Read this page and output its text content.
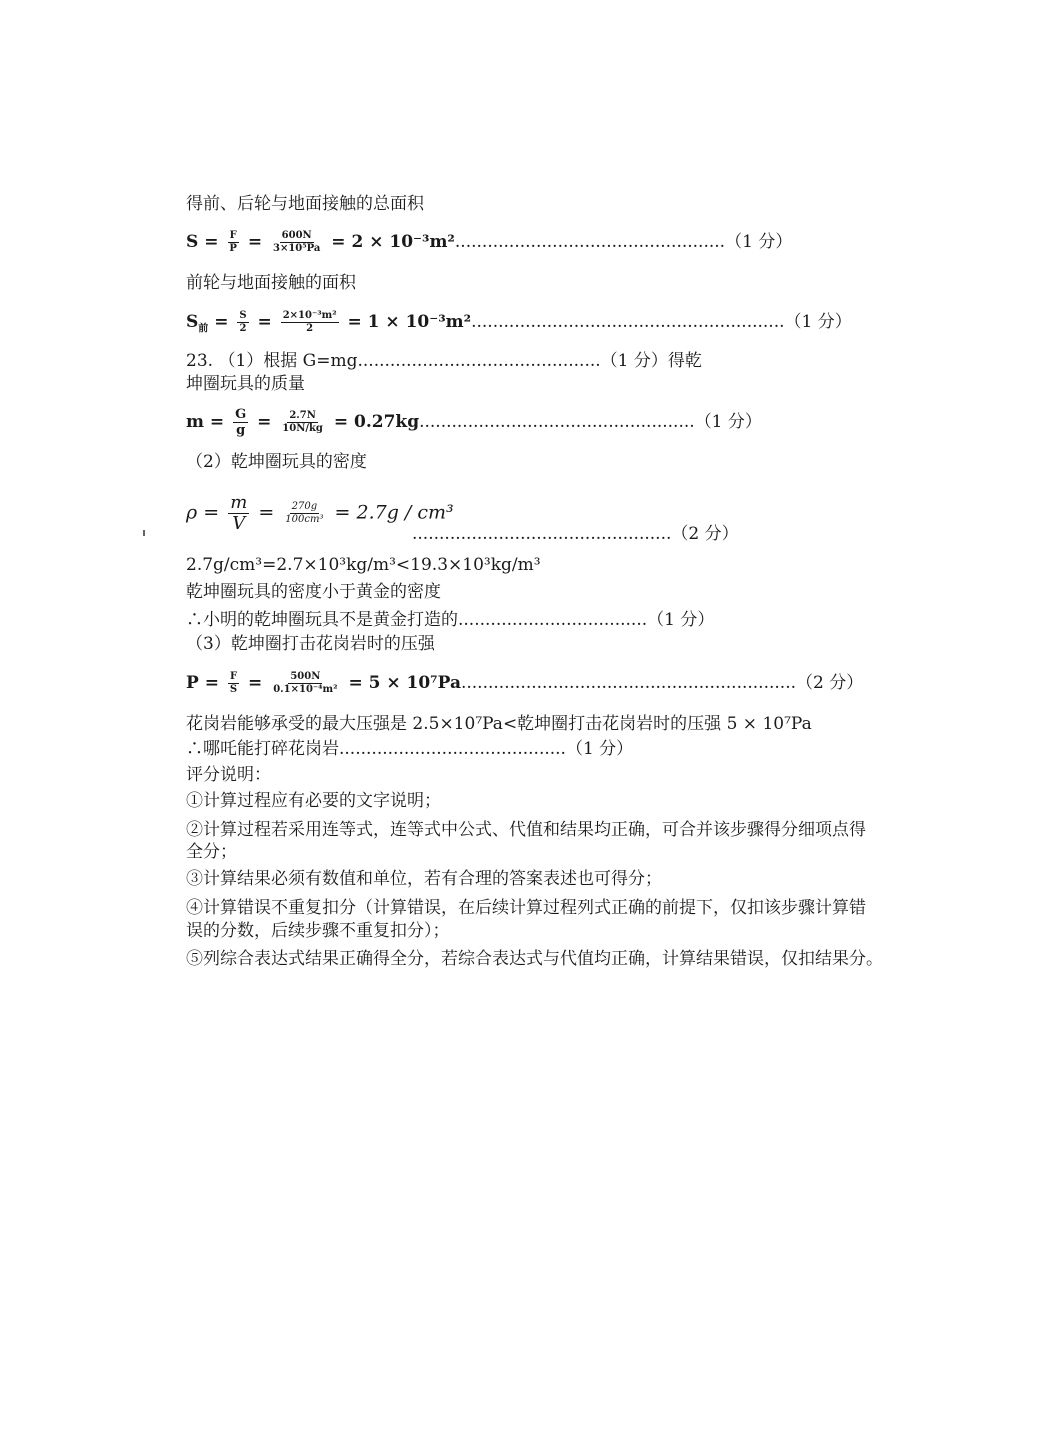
得前、后轮与地面接触的总面积
$S = \frac{F}{P} = \frac{600N}{\text{3×10⁵Pa}} = 2 \times 10^{-3}m^2..................................................(1$ 分）
前轮与地面接触的面积
$S_前 = \frac{S}{2} = \frac{\text{2×10⁻³m²}}{2} = 1 \times 10^{-3}m^2..........................................................(1$ 分）
23. （1）根据 G=mg.............................................（1 分）得乾
坤圈玩具的质量
$m = \frac{G}{g} = \frac{2.7N}{10N/kg} = 0.27kg...................................................(1$ 分）
（2）乾坤圈玩具的密度
$\rho = \frac{m}{V} = \frac{270g}{\text{100cm³}} = 2.7g / cm^3$
................................................（2 分）
2.7g/cm³=2.7×10³kg/m³<19.3×10³kg/m³
乾坤圈玩具的密度小于黄金的密度
∴小明的乾坤圈玩具不是黄金打造的...................................（1 分）
（3）乾坤圈打击花岗岩时的压强
$P = \frac{F}{S} = \frac{500N}{\text{0.1×10⁻⁴m²}} = 5 \times 10^7Pa..............................................................(2$ 分）
花岗岩能够承受的最大压强是 2.5×10⁷Pa<乾坤圈打击花岗岩时的压强 5 × 10⁷Pa
∴哪吒能打碎花岗岩..........................................（1 分）
评分说明：
①计算过程应有必要的文字说明；
②计算过程若采用连等式，连等式中公式、代值和结果均正确，可合并该步骤得分细项点得
全分；
③计算结果必须有数值和单位，若有合理的答案表述也可得分；
④计算错误不重复扣分（计算错误，在后续计算过程列式正确的前提下，仅扣该步骤计算错
误的分数，后续步骤不重复扣分）；
⑤列综合表达式结果正确得全分，若综合表达式与代值均正确，计算结果错误，仅扣结果分。
